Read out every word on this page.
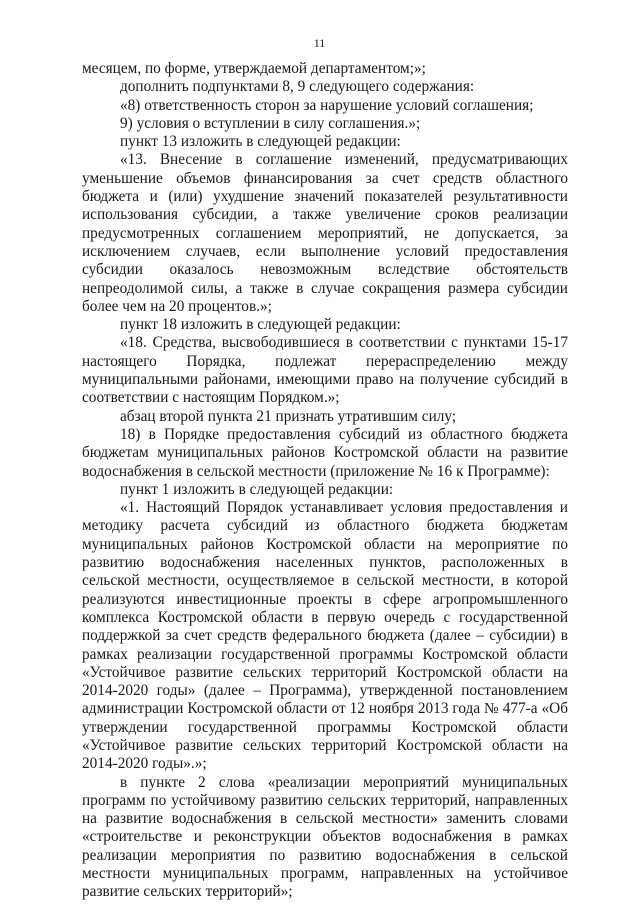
11

месяцем, по форме, утверждаемой департаментом;»;

дополнить подпунктами 8, 9 следующего содержания:

«8) ответственность сторон за нарушение условий соглашения;

9) условия о вступлении в силу соглашения.»;

пункт 13 изложить в следующей редакции:

«13. Внесение в соглашение изменений, предусматривающих уменьшение объемов финансирования за счет средств областного бюджета и (или) ухудшение значений показателей результативности использования субсидии, а также увеличение сроков реализации предусмотренных соглашением мероприятий, не допускается, за исключением случаев, если выполнение условий предоставления субсидии оказалось невозможным вследствие обстоятельств непреодолимой силы, а также в случае сокращения размера субсидии более чем на 20 процентов.»;

пункт 18 изложить в следующей редакции:

«18. Средства, высвободившиеся в соответствии с пунктами 15-17 настоящего Порядка, подлежат перераспределению между муниципальными районами, имеющими право на получение субсидий в соответствии с настоящим Порядком.»;

абзац второй пункта 21 признать утратившим силу;

18) в Порядке предоставления субсидий из областного бюджета бюджетам муниципальных районов Костромской области на развитие водоснабжения в сельской местности (приложение № 16 к Программе):

пункт 1 изложить в следующей редакции:

«1. Настоящий Порядок устанавливает условия предоставления и методику расчета субсидий из областного бюджета бюджетам муниципальных районов Костромской области на мероприятие по развитию водоснабжения населенных пунктов, расположенных в сельской местности, осуществляемое в сельской местности, в которой реализуются инвестиционные проекты в сфере агропромышленного комплекса Костромской области в первую очередь с государственной поддержкой за счет средств федерального бюджета (далее – субсидии) в рамках реализации государственной программы Костромской области «Устойчивое развитие сельских территорий Костромской области на 2014-2020 годы» (далее – Программа), утвержденной постановлением администрации Костромской области от 12 ноября 2013 года № 477-а «Об утверждении государственной программы Костромской области «Устойчивое развитие сельских территорий Костромской области на 2014-2020 годы».»;

в пункте 2 слова «реализации мероприятий муниципальных программ по устойчивому развитию сельских территорий, направленных на развитие водоснабжения в сельской местности» заменить словами «строительстве и реконструкции объектов водоснабжения в рамках реализации мероприятия по развитию водоснабжения в сельской местности муниципальных программ, направленных на устойчивое развитие сельских территорий»;
